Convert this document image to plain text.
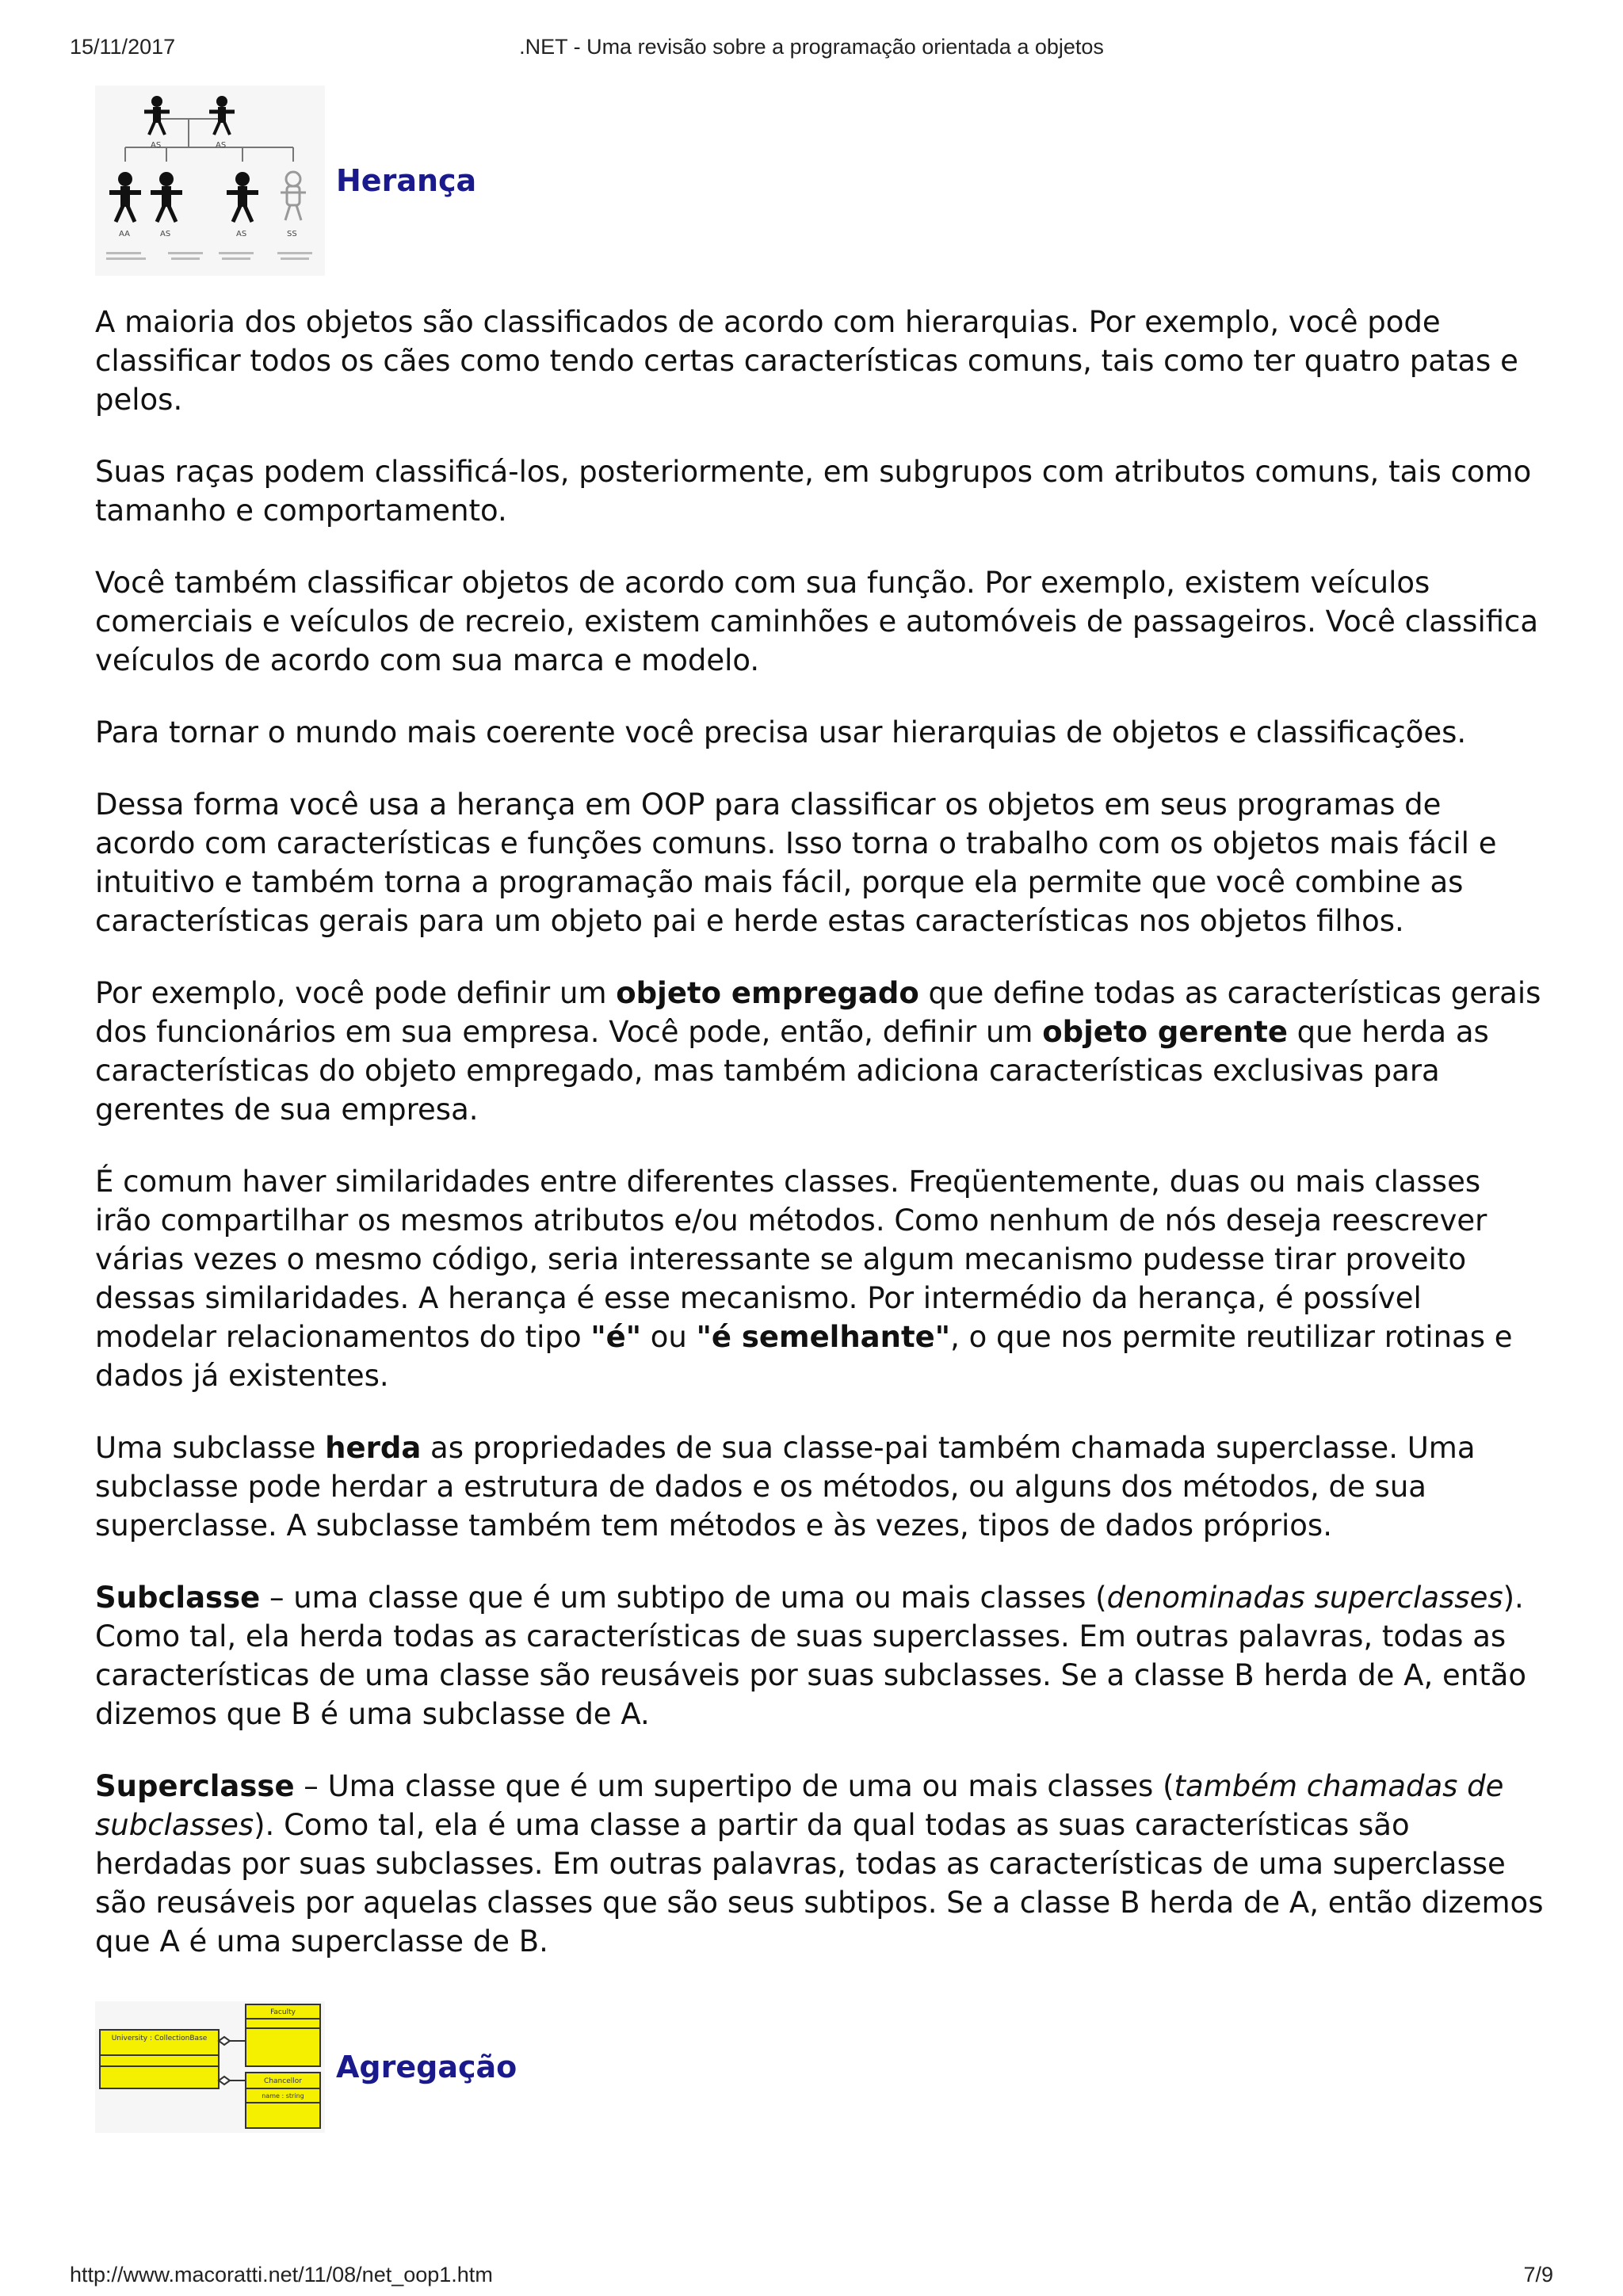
15/11/2017	.NET - Uma revisão sobre a programação orientada a objetos
AS	AS
AA	AS	AS	SS
Herança

A maioria dos objetos são classificados de acordo com hierarquias. Por exemplo, você pode classificar todos os cães como tendo certas características comuns, tais como ter quatro patas e pelos.

Suas raças podem classificá-los, posteriormente, em subgrupos com atributos comuns, tais como tamanho e comportamento.

Você também classificar objetos de acordo com sua função. Por exemplo, existem veículos comerciais e veículos de recreio, existem caminhões e automóveis de passageiros. Você classifica veículos de acordo com sua marca e modelo.

Para tornar o mundo mais coerente você precisa usar hierarquias de objetos e classificações.

Dessa forma você usa a herança em OOP para classificar os objetos em seus programas de acordo com características e funções comuns. Isso torna o trabalho com os objetos mais fácil e intuitivo e também torna a programação mais fácil, porque ela permite que você combine as características gerais para um objeto pai e herde estas características nos objetos filhos.

Por exemplo, você pode definir um objeto empregado que define todas as características gerais dos funcionários em sua empresa. Você pode, então, definir um objeto gerente que herda as características do objeto empregado, mas também adiciona características exclusivas para gerentes de sua empresa.

É comum haver similaridades entre diferentes classes. Freqüentemente, duas ou mais classes irão compartilhar os mesmos atributos e/ou métodos. Como nenhum de nós deseja reescrever várias vezes o mesmo código, seria interessante se algum mecanismo pudesse tirar proveito dessas similaridades. A herança é esse mecanismo. Por intermédio da herança, é possível modelar relacionamentos do tipo "é" ou "é semelhante", o que nos permite reutilizar rotinas e dados já existentes.

Uma subclasse herda as propriedades de sua classe-pai também chamada superclasse. Uma subclasse pode herdar a estrutura de dados e os métodos, ou alguns dos métodos, de sua superclasse. A subclasse também tem métodos e às vezes, tipos de dados próprios.

Subclasse – uma classe que é um subtipo de uma ou mais classes (denominadas superclasses). Como tal, ela herda todas as características de suas superclasses. Em outras palavras, todas as características de uma classe são reusáveis por suas subclasses. Se a classe B herda de A, então dizemos que B é uma subclasse de A.

Superclasse – Uma classe que é um supertipo de uma ou mais classes (também chamadas de subclasses). Como tal, ela é uma classe a partir da qual todas as suas características são herdadas por suas subclasses. Em outras palavras, todas as características de uma superclasse são reusáveis por aquelas classes que são seus subtipos. Se a classe B herda de A, então dizemos que A é uma superclasse de B.

University : CollectionBase
Faculty
Chancellor
name : string
Agregação
http://www.macoratti.net/11/08/net_oop1.htm	7/9
